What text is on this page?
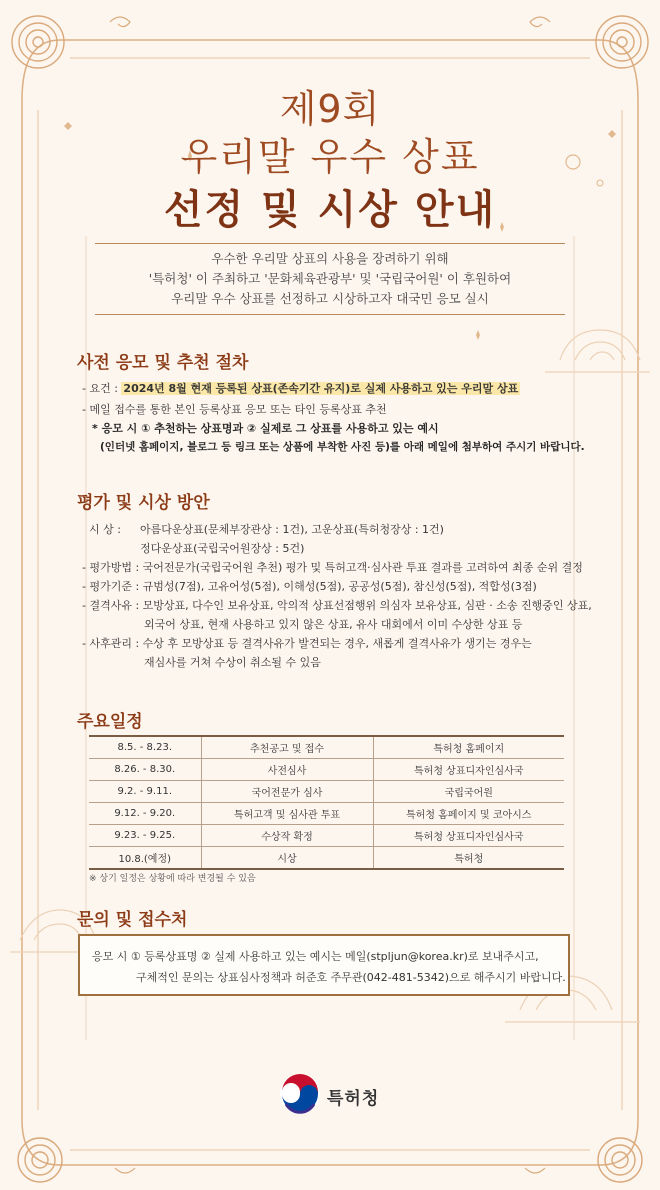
제9회
우리말 우수 상표
선정 및 시상 안내
우수한 우리말 상표의 사용을 장려하기 위해
'특허청' 이 주최하고 '문화체육관광부' 및 '국립국어원' 이 후원하여
우리말 우수 상표를 선정하고 시상하고자 대국민 응모 실시
사전 응모 및 추천 절차
- 요건 : 2024년 8월 현재 등록된 상표(존속기간 유지)로 실제 사용하고 있는 우리말 상표
- 메일 접수를 통한 본인 등록상표 응모 또는 타인 등록상표 추천
* 응모 시 ① 추천하는 상표명과 ② 실제로 그 상표를 사용하고 있는 예시
(인터넷 홈페이지, 블로그 등 링크 또는 상품에 부착한 사진 등)를 아래 메일에 첨부하여 주시기 바랍니다.
평가 및 시상 방안
시 상 : 아름다운상표(문체부장관상 : 1건), 고운상표(특허청장상 : 1건)
정다운상표(국립국어원장상 : 5건)
- 평가방법 : 국어전문가(국립국어원 추천) 평가 및 특허고객·심사관 투표 결과를 고려하여 최종 순위 결정
- 평가기준 : 규범성(7점), 고유어성(5점), 이해성(5점), 공공성(5점), 참신성(5점), 적합성(3점)
- 결격사유 : 모방상표, 다수인 보유상표, 악의적 상표선점행위 의심자 보유상표, 심판 · 소송 진행중인 상표,
외국어 상표, 현재 사용하고 있지 않은 상표, 유사 대회에서 이미 수상한 상표 등
- 사후관리 : 수상 후 모방상표 등 결격사유가 발견되는 경우, 새롭게 결격사유가 생기는 경우는
재심사를 거쳐 수상이 취소될 수 있음
주요일정
8.5. - 8.23.	추천공고 및 접수	특허청 홈페이지
8.26. - 8.30.	사전심사	특허청 상표디자인심사국
9.2. - 9.11.	국어전문가 심사	국립국어원
9.12. - 9.20.	특허고객 및 심사관 투표	특허청 홈페이지 및 코아시스
9.23. - 9.25.	수상작 확정	특허청 상표디자인심사국
10.8.(예정)	시상	특허청
※ 상기 일정은 상황에 따라 변경될 수 있음
문의 및 접수처
응모 시 ① 등록상표명 ② 실제 사용하고 있는 예시는 메일(stpljun@korea.kr)로 보내주시고,
구체적인 문의는 상표심사정책과 허준호 주무관(042-481-5342)으로 해주시기 바랍니다.
특허청
